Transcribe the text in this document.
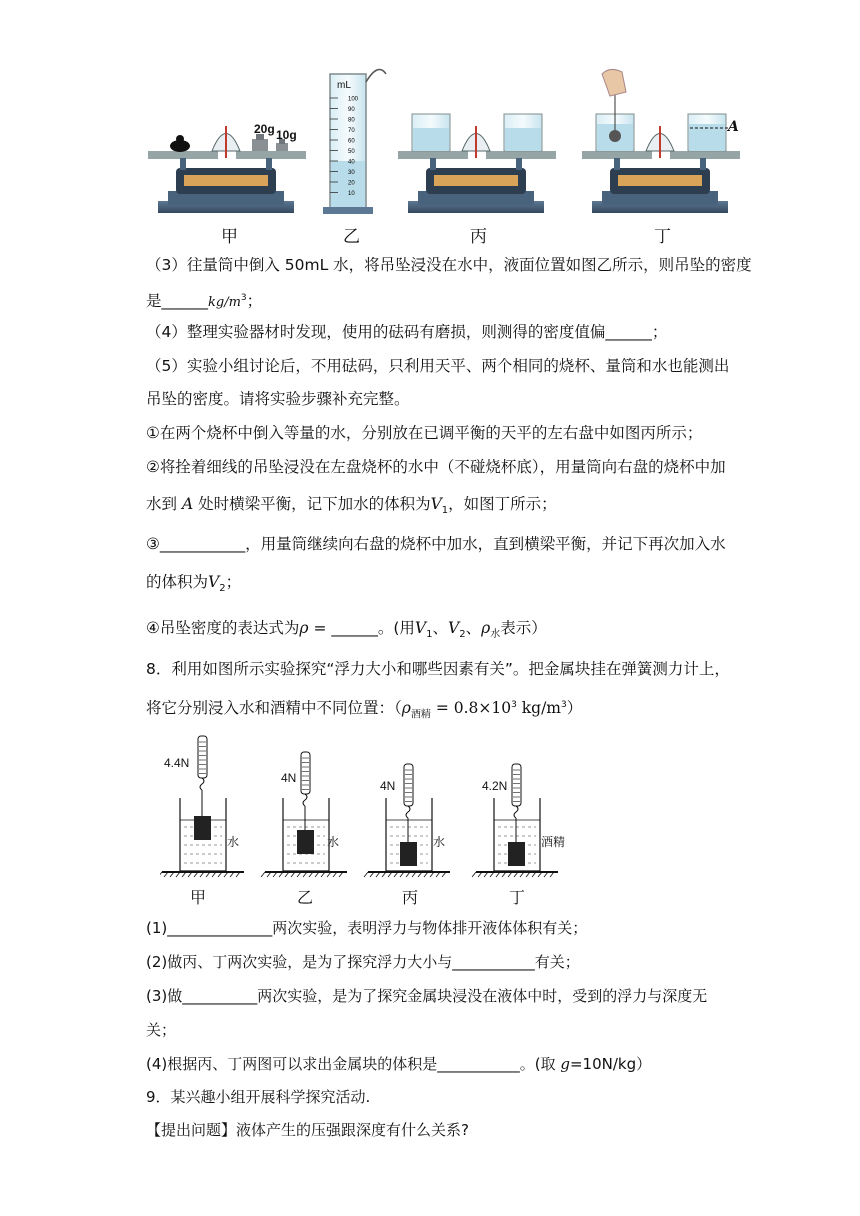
100
90
80
70
60
50
40
30
20
10
20g 10g
mL
A
甲	乙	丙	丁
（3）往量筒中倒入 50mL 水，将吊坠浸没在水中，液面位置如图乙所示，则吊坠的密度
是$\_\_\_\_\_\_kg/m^3$；
（4）整理实验器材时发现，使用的砝码有磨损，则测得的密度值偏______；
（5）实验小组讨论后，不用砝码，只利用天平、两个相同的烧杯、量筒和水也能测出
吊坠的密度。请将实验步骤补充完整。
①在两个烧杯中倒入等量的水，分别放在已调平衡的天平的左右盘中如图丙所示；
②将拴着细线的吊坠浸没在左盘烧杯的水中（不碰烧杯底），用量筒向右盘的烧杯中加
水到 A 处时横梁平衡，记下加水的体积为$V_1$，如图丁所示；
③___________，用量筒继续向右盘的烧杯中加水，直到横梁平衡，并记下再次加入水
的体积为$V_2$；
④吊坠密度的表达式为ρ = ______。(用$V_1$、$V_2$、$\rho_水$表示）
8．利用如图所示实验探究“浮力大小和哪些因素有关”。把金属块挂在弹簧测力计上，
将它分别浸入水和酒精中不同位置：（$\rho_{酒精} = 0.8\times 10^3$ $kg/m^3$）
4.4N
4N
4N	4.2N
水	水	水	酒精
甲	乙	丙	丁
(1)______________两次实验，表明浮力与物体排开液体体积有关；
(2)做丙、丁两次实验，是为了探究浮力大小与___________有关；
(3)做__________两次实验，是为了探究金属块浸没在液体中时，受到的浮力与深度无
关；
(4)根据丙、丁两图可以求出金属块的体积是___________。(取 g=10N/kg）
9．某兴趣小组开展科学探究活动.
【提出问题】液体产生的压强跟深度有什么关系?
